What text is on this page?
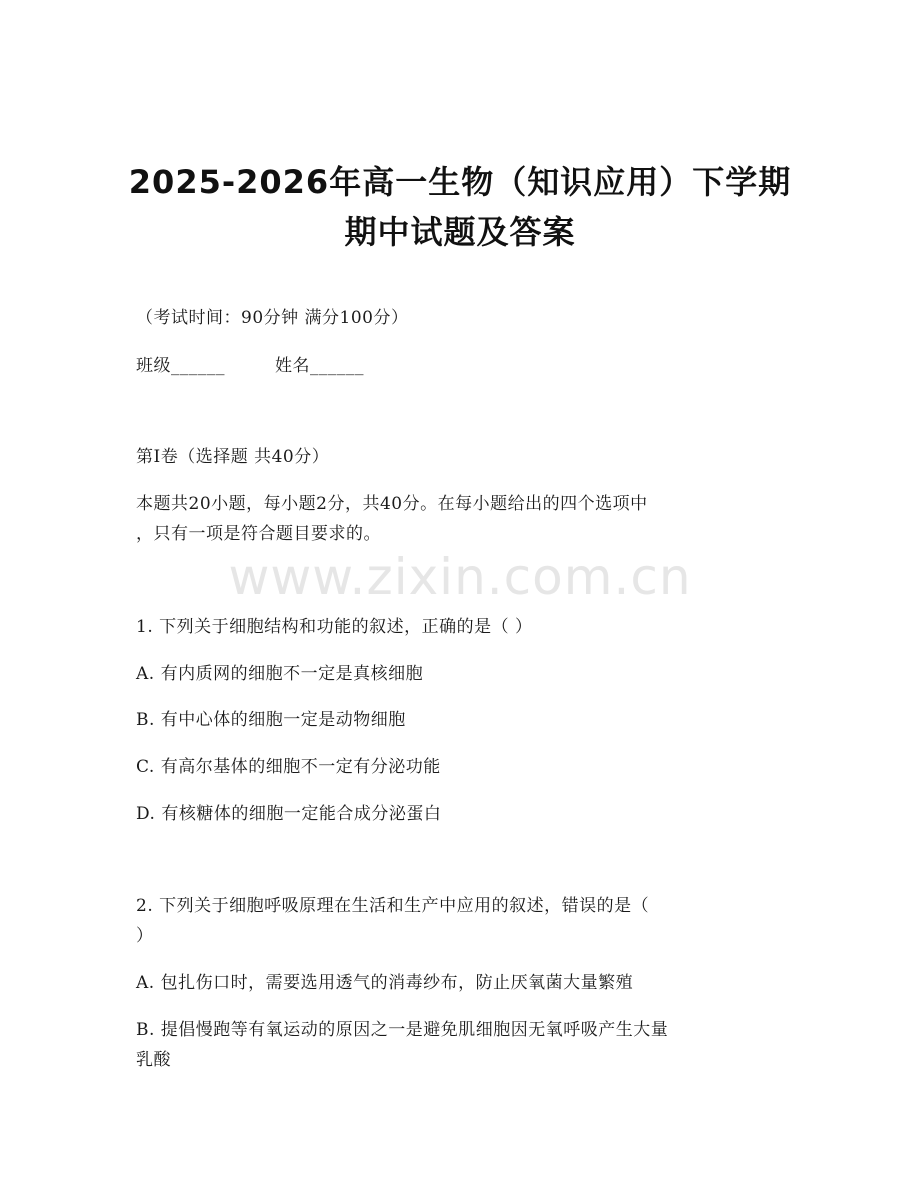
www.zixin.com.cn
2025-2026年高一生物（知识应用）下学期
期中试题及答案
（考试时间：90分钟 满分100分）
班级______	姓名______
第I卷（选择题 共40分）
本题共20小题，每小题2分，共40分。在每小题给出的四个选项中
，只有一项是符合题目要求的。
1. 下列关于细胞结构和功能的叙述，正确的是（ ）
A. 有内质网的细胞不一定是真核细胞
B. 有中心体的细胞一定是动物细胞
C. 有高尔基体的细胞不一定有分泌功能
D. 有核糖体的细胞一定能合成分泌蛋白
2. 下列关于细胞呼吸原理在生活和生产中应用的叙述，错误的是（
）
A. 包扎伤口时，需要选用透气的消毒纱布，防止厌氧菌大量繁殖
B. 提倡慢跑等有氧运动的原因之一是避免肌细胞因无氧呼吸产生大量
乳酸
